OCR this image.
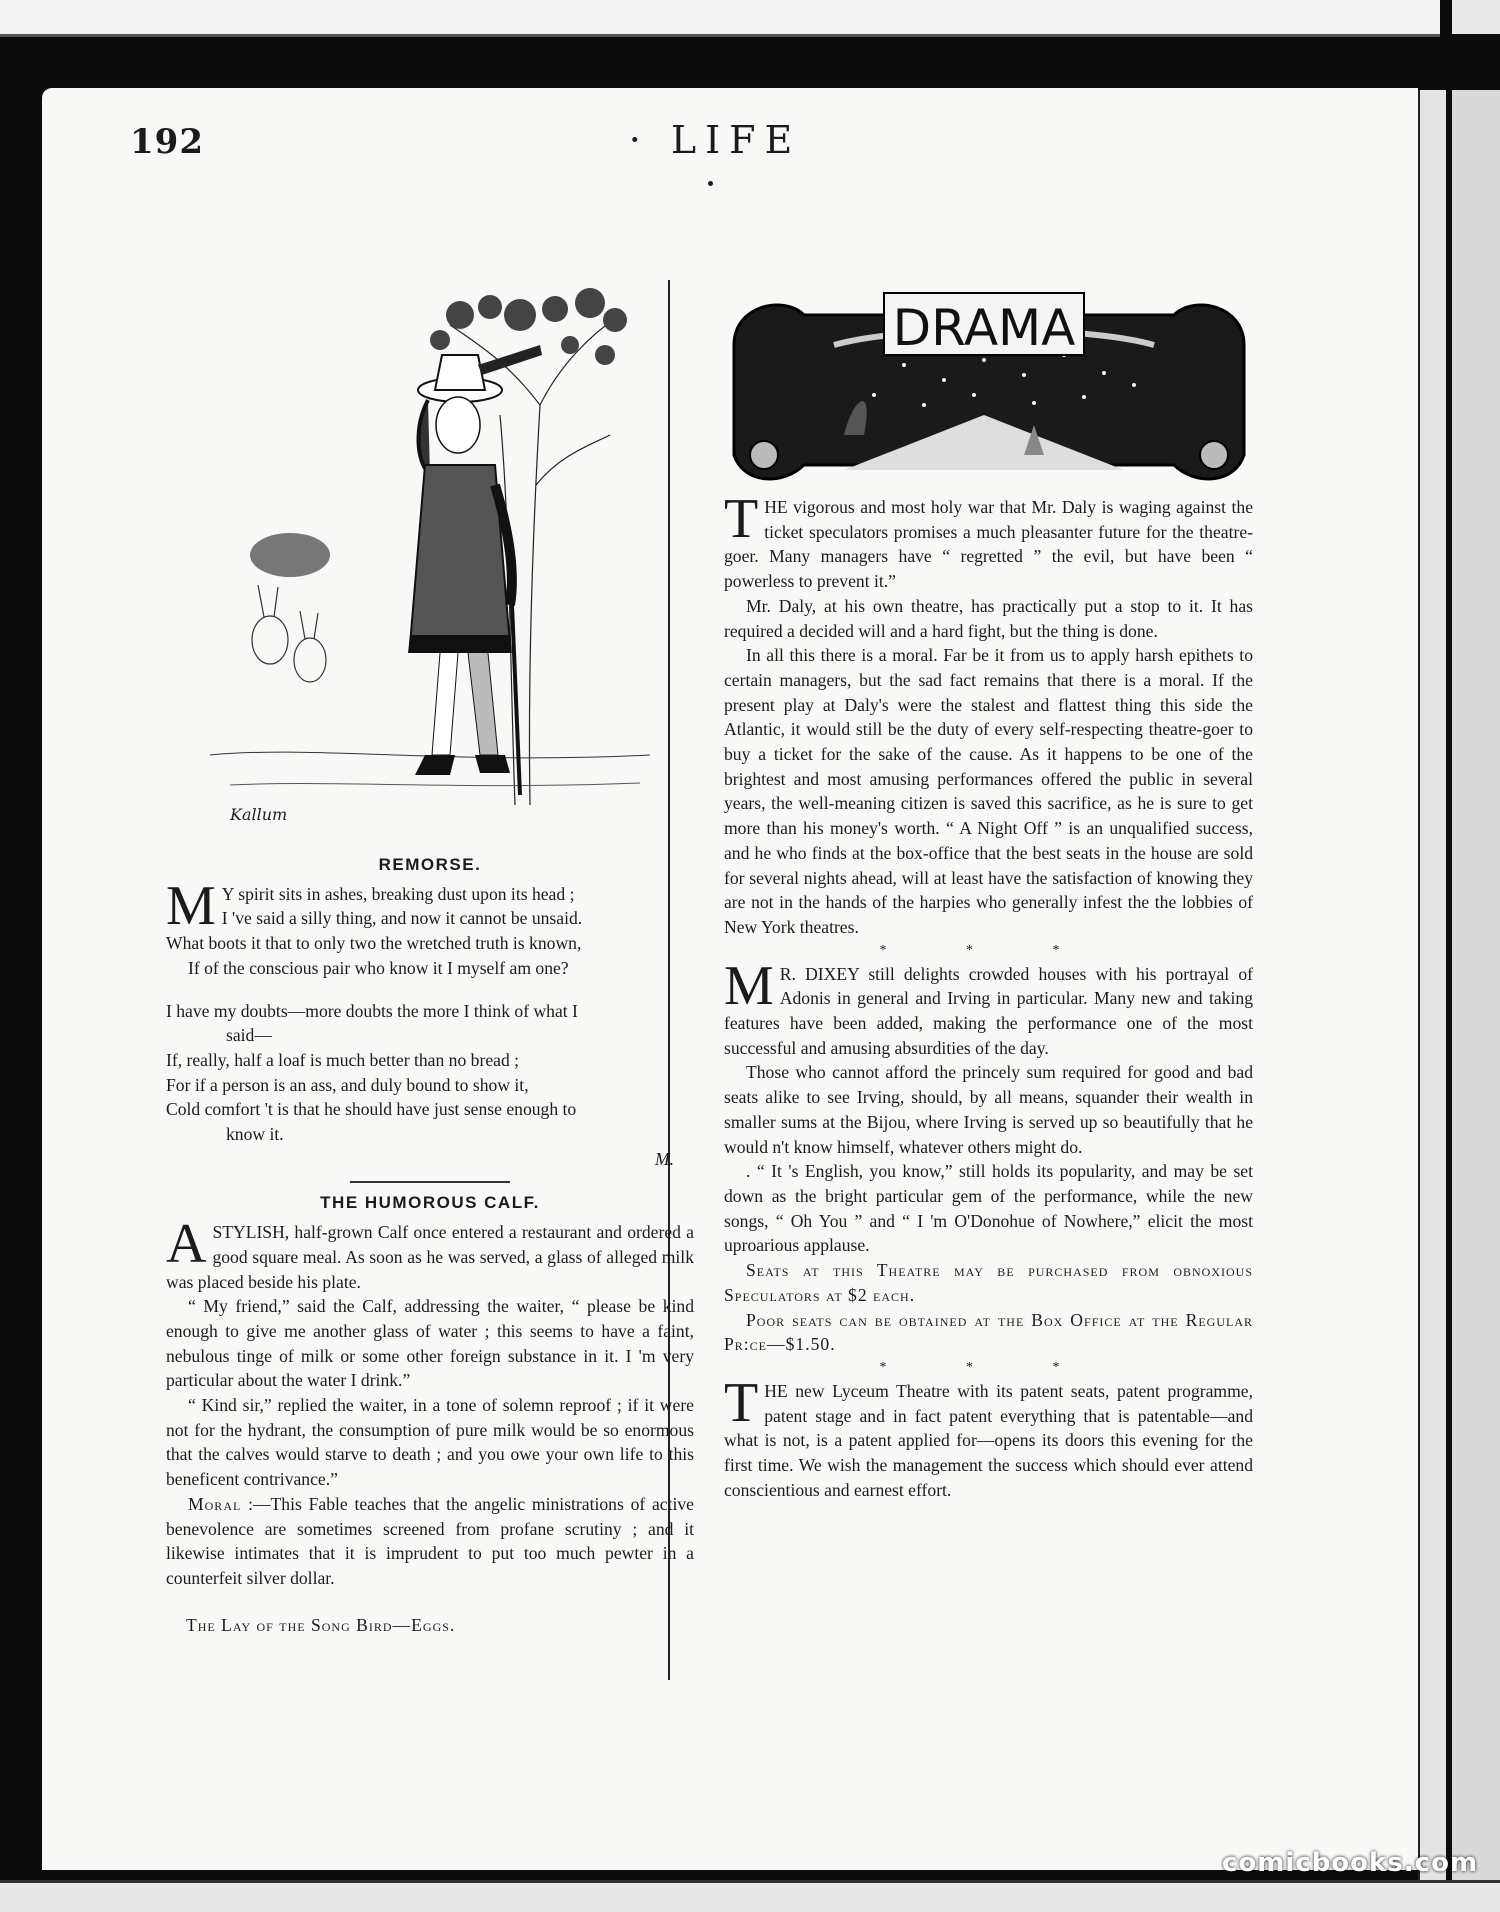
192	· LIFE ·
Kallum
REMORSE.
M Y spirit sits in ashes, breaking dust upon its head ;
I 've said a silly thing, and now it cannot be unsaid.
What boots it that to only two the wretched truth is known,
If of the conscious pair who know it I myself am one?
I have my doubts—more doubts the more I think of what I
said—
If, really, half a loaf is much better than no bread ;
For if a person is an ass, and duly bound to show it,
Cold comfort 't is that he should have just sense enough to
know it.

M.

THE HUMOROUS CALF.

ASTYLISH, half-grown Calf once entered a restaurant and ordered a good square meal. As soon as he was served, a glass of alleged milk was placed beside his plate.

“ My friend,” said the Calf, addressing the waiter, “ please be kind enough to give me another glass of water ; this seems to have a faint, nebulous tinge of milk or some other foreign substance in it. I 'm very particular about the water I drink.”

“ Kind sir,” replied the waiter, in a tone of solemn reproof ; if it were not for the hydrant, the consumption of pure milk would be so enormous that the calves would starve to death ; and you owe your own life to this beneficent contrivance.”

Moral :—This Fable teaches that the angelic ministrations of active benevolence are sometimes screened from profane scrutiny ; and it likewise intimates that it is imprudent to put too much pewter in a counterfeit silver dollar.

The Lay of the Song Bird—Eggs.

DRAMA

THE vigorous and most holy war that Mr. Daly is waging against the ticket speculators promises a much pleasanter future for the theatre-goer. Many managers have “ regretted ” the evil, but have been “ powerless to prevent it.”

Mr. Daly, at his own theatre, has practically put a stop to it. It has required a decided will and a hard fight, but the thing is done.

In all this there is a moral. Far be it from us to apply harsh epithets to certain managers, but the sad fact remains that there is a moral. If the present play at Daly's were the stalest and flattest thing this side the Atlantic, it would still be the duty of every self-respecting theatre-goer to buy a ticket for the sake of the cause. As it happens to be one of the brightest and most amusing performances offered the public in several years, the well-meaning citizen is saved this sacrifice, as he is sure to get more than his money's worth. “ A Night Off ” is an unqualified success, and he who finds at the box-office that the best seats in the house are sold for several nights ahead, will at least have the satisfaction of knowing they are not in the hands of the harpies who generally infest the the lobbies of New York theatres.

* * *

M R. DIXEY still delights crowded houses with his portrayal of Adonis in general and Irving in particular. Many new and taking features have been added, making the performance one of the most successful and amusing absurdities of the day.

Those who cannot afford the princely sum required for good and bad seats alike to see Irving, should, by all means, squander their wealth in smaller sums at the Bijou, where Irving is served up so beautifully that he would n't know himself, whatever others might do.

. “ It 's English, you know,” still holds its popularity, and may be set down as the bright particular gem of the performance, while the new songs, “ Oh You ” and “ I 'm O'Donohue of Nowhere,” elicit the most uproarious applause.

Seats at this Theatre may be purchased from obnoxious Speculators at $2 each.

Poor seats can be obtained at the Box Office at the Regular Pr:ce—$1.50.

* * *

THE new Lyceum Theatre with its patent seats, patent programme, patent stage and in fact patent everything that is patentable—and what is not, is a patent applied for—opens its doors this evening for the first time. We wish the management the success which should ever attend conscientious and earnest effort.

comicbooks.com
